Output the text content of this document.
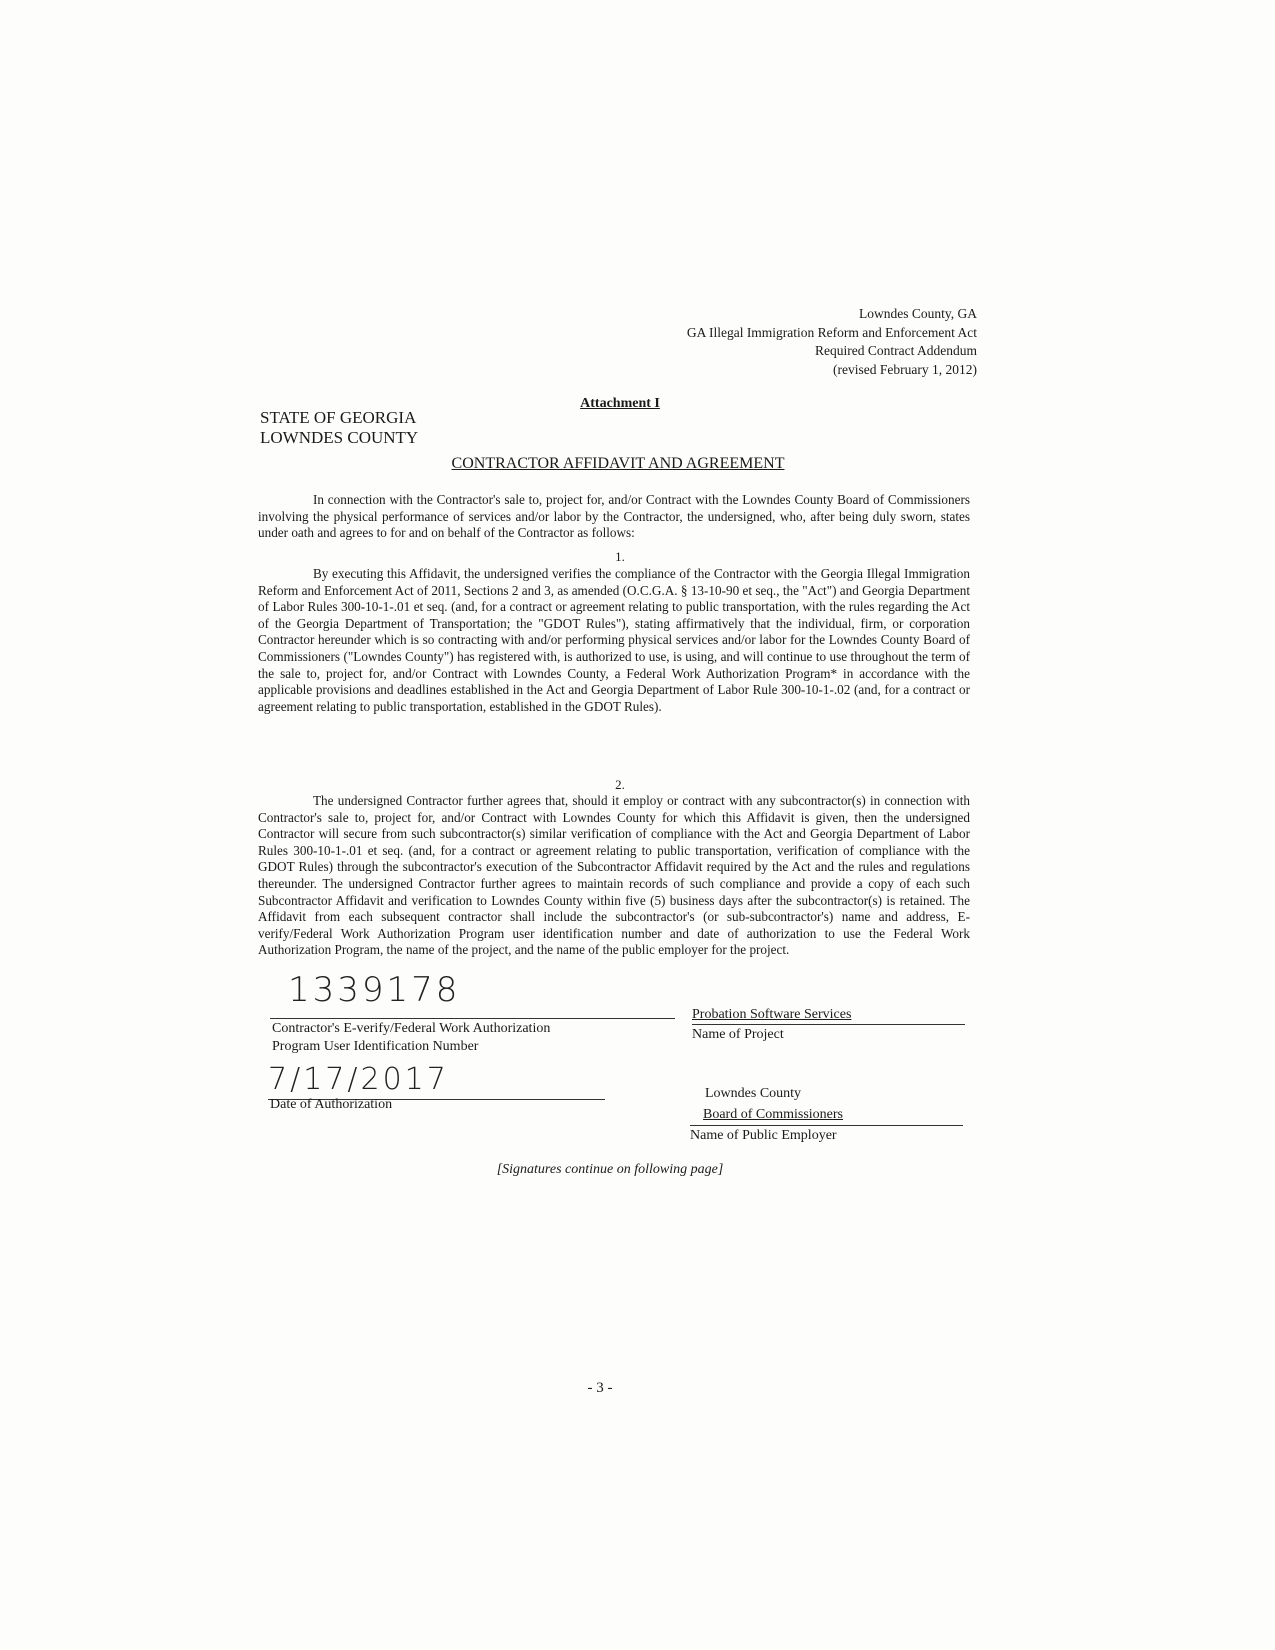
Lowndes County, GA
GA Illegal Immigration Reform and Enforcement Act
Required Contract Addendum
(revised February 1, 2012)
Attachment I
STATE OF GEORGIA
LOWNDES COUNTY
CONTRACTOR AFFIDAVIT AND AGREEMENT

In connection with the Contractor's sale to, project for, and/or Contract with the Lowndes County Board of Commissioners involving the physical performance of services and/or labor by the Contractor, the undersigned, who, after being duly sworn, states under oath and agrees to for and on behalf of the Contractor as follows:

1.

By executing this Affidavit, the undersigned verifies the compliance of the Contractor with the Georgia Illegal Immigration Reform and Enforcement Act of 2011, Sections 2 and 3, as amended (O.C.G.A. § 13-10-90 et seq., the "Act") and Georgia Department of Labor Rules 300-10-1-.01 et seq. (and, for a contract or agreement relating to public transportation, with the rules regarding the Act of the Georgia Department of Transportation; the "GDOT Rules"), stating affirmatively that the individual, firm, or corporation Contractor hereunder which is so contracting with and/or performing physical services and/or labor for the Lowndes County Board of Commissioners ("Lowndes County") has registered with, is authorized to use, is using, and will continue to use throughout the term of the sale to, project for, and/or Contract with Lowndes County, a Federal Work Authorization Program* in accordance with the applicable provisions and deadlines established in the Act and Georgia Department of Labor Rule 300-10-1-.02 (and, for a contract or agreement relating to public transportation, established in the GDOT Rules).

2.

The undersigned Contractor further agrees that, should it employ or contract with any subcontractor(s) in connection with Contractor's sale to, project for, and/or Contract with Lowndes County for which this Affidavit is given, then the undersigned Contractor will secure from such subcontractor(s) similar verification of compliance with the Act and Georgia Department of Labor Rules 300-10-1-.01 et seq. (and, for a contract or agreement relating to public transportation, verification of compliance with the GDOT Rules) through the subcontractor's execution of the Subcontractor Affidavit required by the Act and the rules and regulations thereunder. The undersigned Contractor further agrees to maintain records of such compliance and provide a copy of each such Subcontractor Affidavit and verification to Lowndes County within five (5) business days after the subcontractor(s) is retained. The Affidavit from each subsequent contractor shall include the subcontractor's (or sub-subcontractor's) name and address, E-verify/Federal Work Authorization Program user identification number and date of authorization to use the Federal Work Authorization Program, the name of the project, and the name of the public employer for the project.

1339178
Contractor's E-verify/Federal Work Authorization
Program User Identification Number
Probation Software Services
Name of Project
7/17/2017
Date of Authorization
Lowndes County
Board of Commissioners
Name of Public Employer
[Signatures continue on following page]
- 3 -
